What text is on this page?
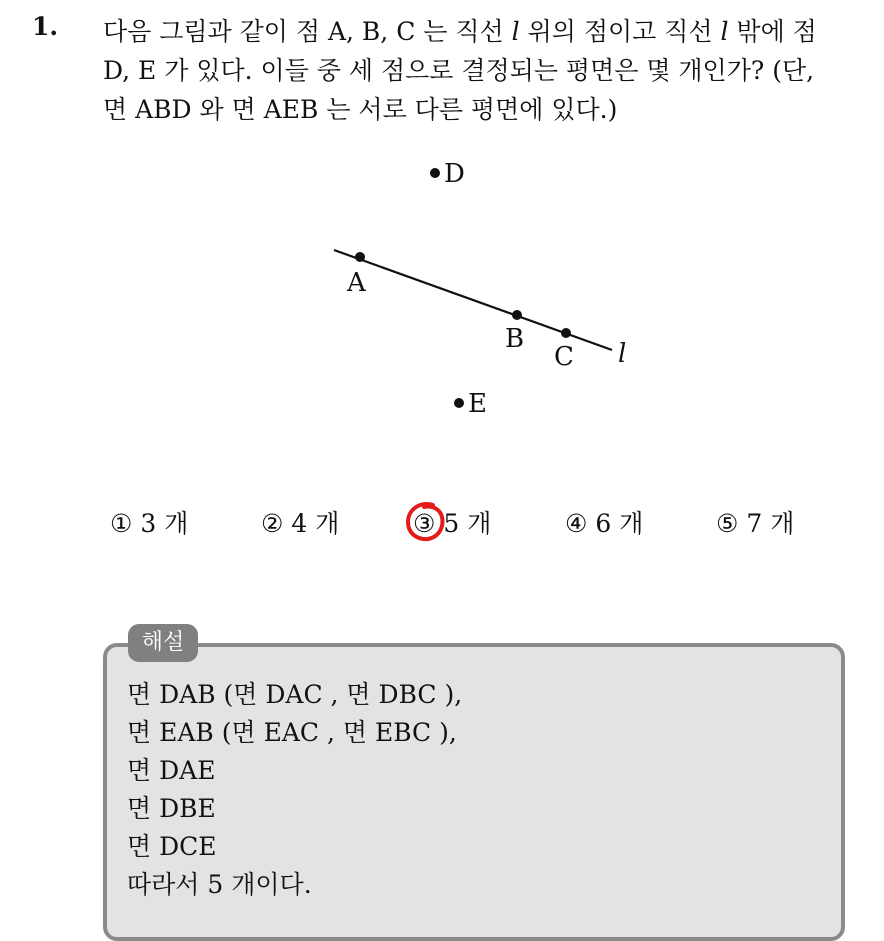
1. 다음 그림과 같이 점 A, B, C 는 직선 l 위의 점이고 직선 l 밖에 점
D, E 가 있다. 이들 중 세 점으로 결정되는 평면은 몇 개인가? (단,
면 ABD 와 면 AEB 는 서로 다른 평면에 있다.)
A
B
C
D
E
l
① 3 개	② 4 개	③ 5 개	④ 6 개	⑤ 7 개
해설
면 DAB (면 DAC , 면 DBC ),
면 EAB (면 EAC , 면 EBC ),
면 DAE
면 DBE
면 DCE
따라서 5 개이다.
